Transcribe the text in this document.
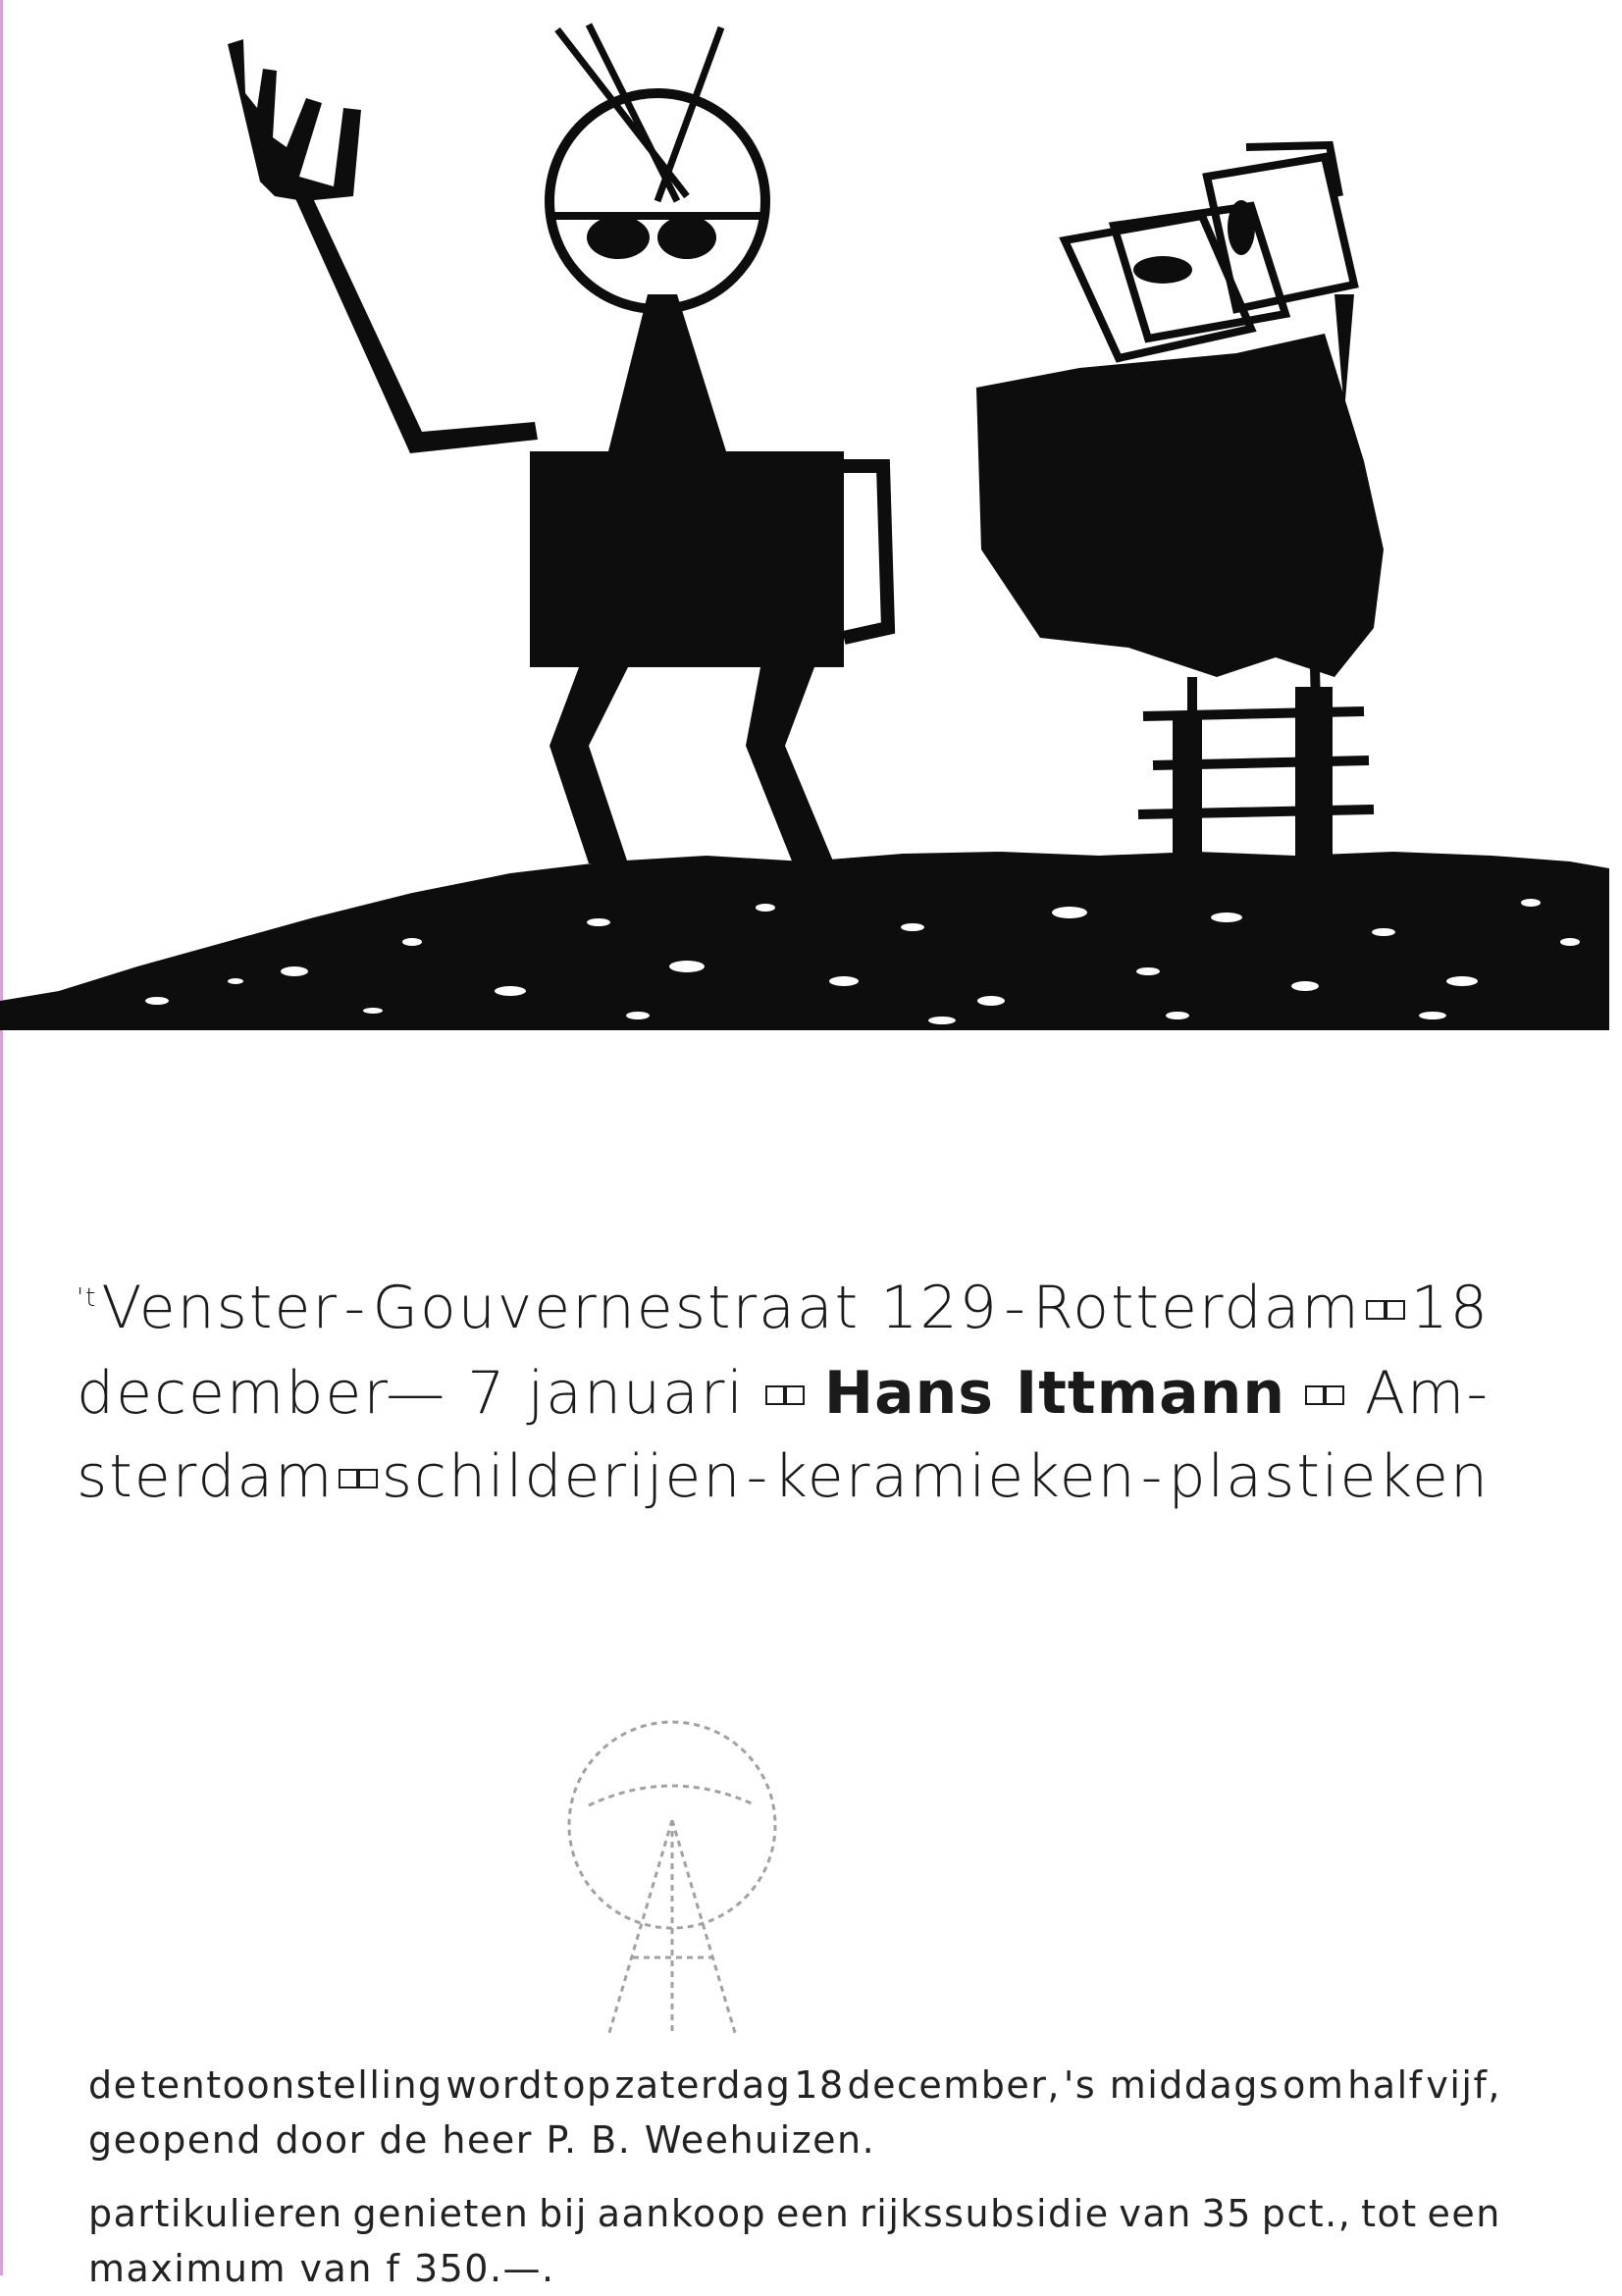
$^{'t}$Venster - Gouvernestraat 129 - Rotterdam 18
december— 7 januari Hans Ittmann Am-
sterdam schilderijen - keramieken - plastieken
de tentoonstelling wordt op zaterdag 18 december, 's middags om half vijf,
geopend door de heer P. B. Weehuizen.
partikulieren genieten bij aankoop een rijkssubsidie van 35 pct., tot een
maximum van f 350.—.
